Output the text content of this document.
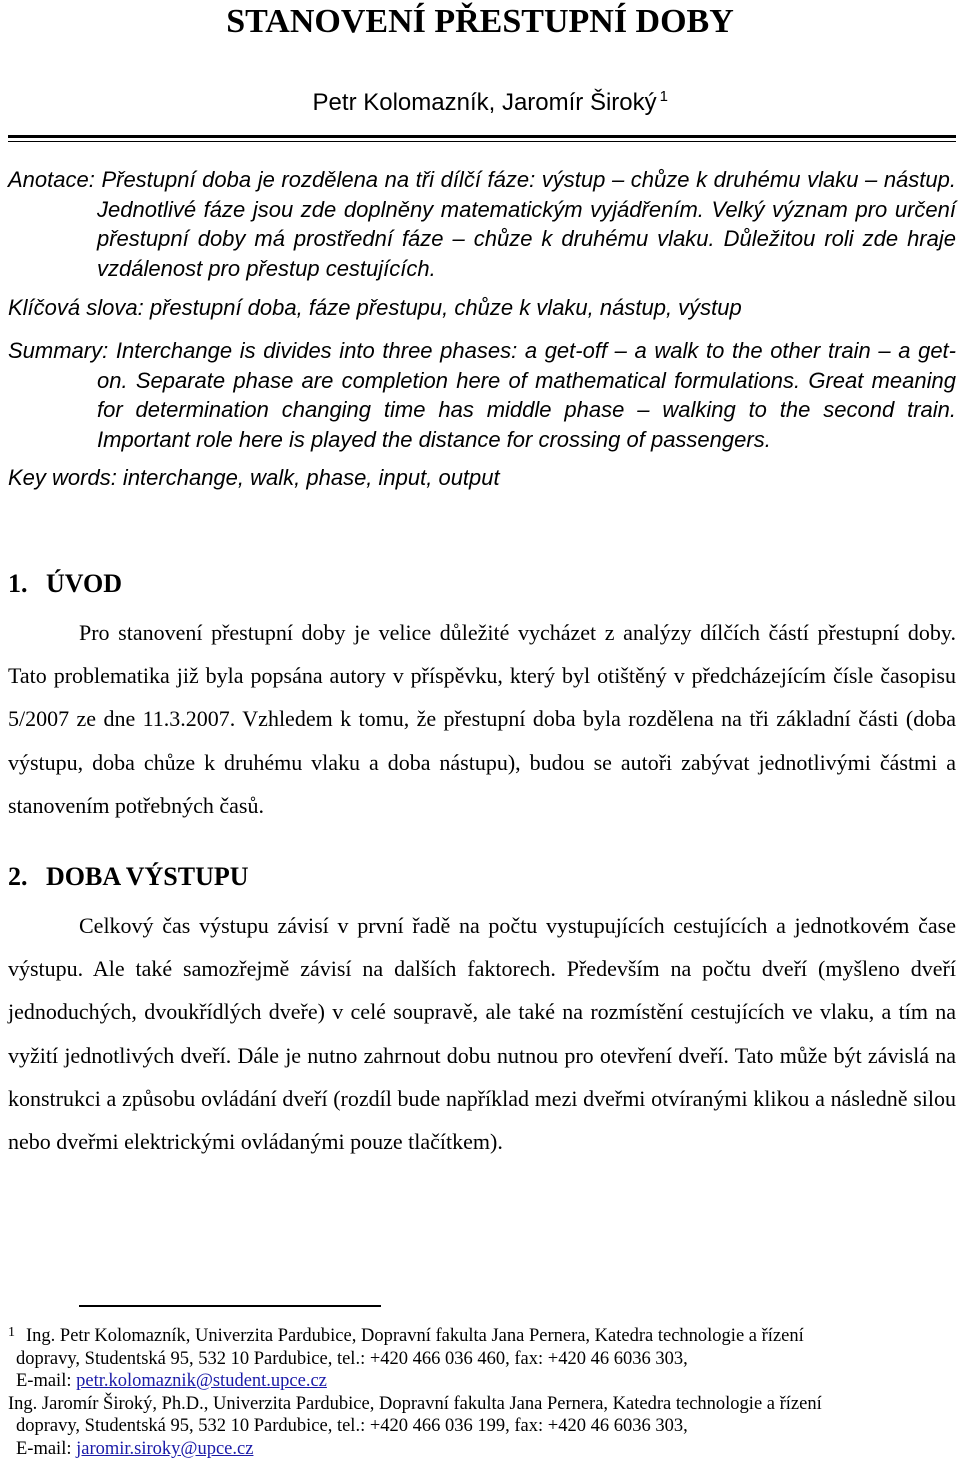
STANOVENÍ PŘESTUPNÍ DOBY
Petr Kolomazník, Jaromír Široký $^1$
Anotace: Přestupní doba je rozdělena na tři dílčí fáze: výstup – chůze k druhému vlaku – nástup. Jednotlivé fáze jsou zde doplněny matematickým vyjádřením. Velký význam pro určení přestupní doby má prostřední fáze – chůze k druhému vlaku. Důležitou roli zde hraje vzdálenost pro přestup cestujících.
Klíčová slova: přestupní doba, fáze přestupu, chůze k vlaku, nástup, výstup
Summary: Interchange is divides into three phases: a get-off – a walk to the other train – a get-on. Separate phase are completion here of mathematical formulations. Great meaning for determination changing time has middle phase – walking to the second train. Important role here is played the distance for crossing of passengers.
Key words: interchange, walk, phase, input, output
1. ÚVOD
Pro stanovení přestupní doby je velice důležité vycházet z analýzy dílčích částí přestupní doby. Tato problematika již byla popsána autory v příspěvku, který byl otištěný v předcházejícím čísle časopisu 5/2007 ze dne 11.3.2007. Vzhledem k tomu, že přestupní doba byla rozdělena na tři základní části (doba výstupu, doba chůze k druhému vlaku a doba nástupu), budou se autoři zabývat jednotlivými částmi a stanovením potřebných časů.
2. DOBA VÝSTUPU
Celkový čas výstupu závisí v první řadě na počtu vystupujících cestujících a jednotkovém čase výstupu. Ale také samozřejmě závisí na dalších faktorech. Především na počtu dveří (myšleno dveří jednoduchých, dvoukřídlých dveře) v celé soupravě, ale také na rozmístění cestujících ve vlaku, a tím na vyžití jednotlivých dveří. Dále je nutno zahrnout dobu nutnou pro otevření dveří. Tato může být závislá na konstrukci a způsobu ovládání dveří (rozdíl bude například mezi dveřmi otvíranými klikou a následně silou nebo dveřmi elektrickými ovládanými pouze tlačítkem).
1 Ing. Petr Kolomazník, Univerzita Pardubice, Dopravní fakulta Jana Pernera, Katedra technologie a řízení
dopravy, Studentská 95, 532 10 Pardubice, tel.: +420 466 036 460, fax: +420 46 6036 303,
E-mail: petr.kolomaznik@student.upce.cz
Ing. Jaromír Široký, Ph.D., Univerzita Pardubice, Dopravní fakulta Jana Pernera, Katedra technologie a řízení
dopravy, Studentská 95, 532 10 Pardubice, tel.: +420 466 036 199, fax: +420 46 6036 303,
E-mail: jaromir.siroky@upce.cz
